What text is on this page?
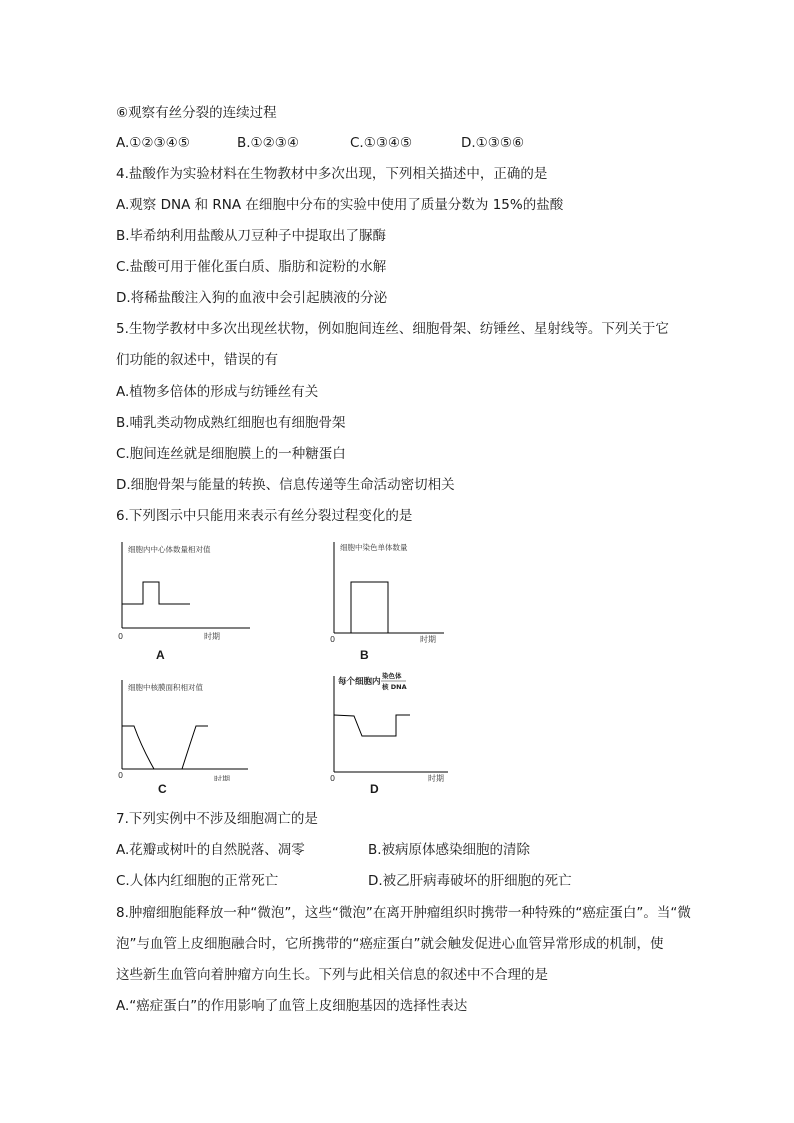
⑥观察有丝分裂的连续过程
A.①②③④⑤	B.①②③④	C.①③④⑤	D.①③⑤⑥
4.盐酸作为实验材料在生物教材中多次出现，下列相关描述中，正确的是
A.观察 DNA 和 RNA 在细胞中分布的实验中使用了质量分数为 15%的盐酸
B.毕希纳利用盐酸从刀豆种子中提取出了脲酶
C.盐酸可用于催化蛋白质、脂肪和淀粉的水解
D.将稀盐酸注入狗的血液中会引起胰液的分泌
5.生物学教材中多次出现丝状物，例如胞间连丝、细胞骨架、纺锤丝、星射线等。下列关于它
们功能的叙述中，错误的有
A.植物多倍体的形成与纺锤丝有关
B.哺乳类动物成熟红细胞也有细胞骨架
C.胞间连丝就是细胞膜上的一种糖蛋白
D.细胞骨架与能量的转换、信息传递等生命活动密切相关
6.下列图示中只能用来表示有丝分裂过程变化的是
细胞内中心体数量相对值
0	时期
A
细胞中染色单体数量
0	时期
B
细胞中核膜面积相对值
0	时期
C
每个细胞内
染色体
核 DNA
0	时期
D
7.下列实例中不涉及细胞凋亡的是
A.花瓣或树叶的自然脱落、凋零	B.被病原体感染细胞的清除
C.人体内红细胞的正常死亡	D.被乙肝病毒破坏的肝细胞的死亡
8.肿瘤细胞能释放一种“微泡”，这些“微泡”在离开肿瘤组织时携带一种特殊的“癌症蛋白”。当“微
泡”与血管上皮细胞融合时，它所携带的“癌症蛋白”就会触发促进心血管异常形成的机制，使
这些新生血管向着肿瘤方向生长。下列与此相关信息的叙述中不合理的是
A.“癌症蛋白”的作用影响了血管上皮细胞基因的选择性表达
